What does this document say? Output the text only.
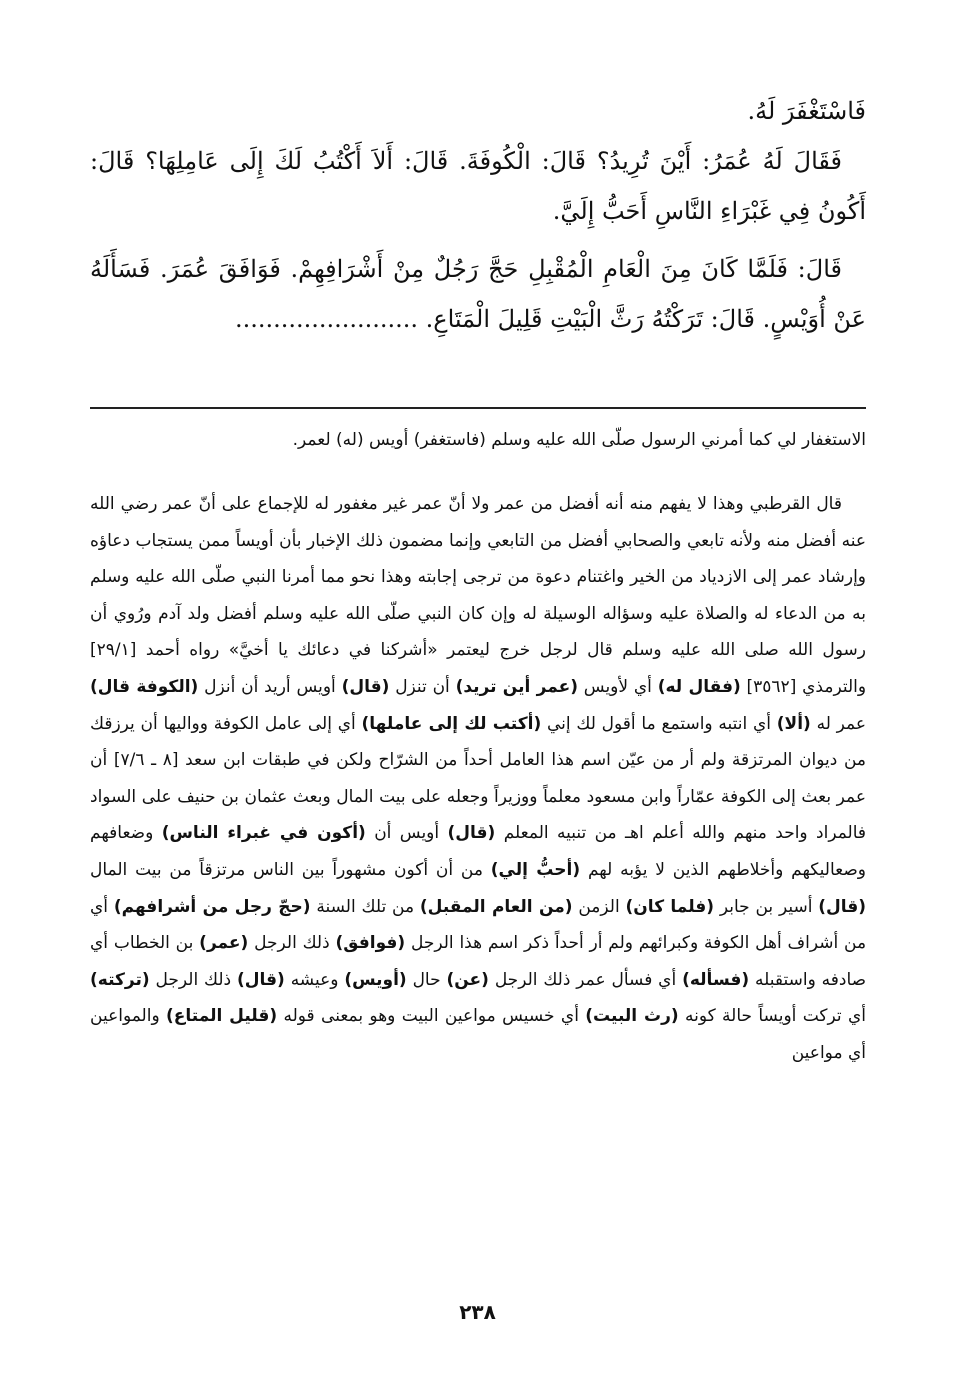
فَاسْتَغْفَرَ لَهُ.

فَقَالَ لَهُ عُمَرُ: أَيْنَ تُرِيدُ؟ قَالَ: الْكُوفَةَ. قَالَ: أَلاَ أَكْتُبُ لَكَ إِلَى عَامِلِهَا؟ قَالَ: أَكُونُ فِي غَبْرَاءِ النَّاسِ أَحَبُّ إِلَيَّ.

قَالَ: فَلَمَّا كَانَ مِنَ الْعَامِ الْمُقْبِلِ حَجَّ رَجُلٌ مِنْ أَشْرَافِهِمْ. فَوَافَقَ عُمَرَ. فَسَأَلَهُ عَنْ أُوَيْسٍ. قَالَ: تَرَكْتُهُ رَثَّ الْبَيْتِ قَلِيلَ الْمَتَاعِ. ........................

الاستغفار لي كما أمرني الرسول صلّى الله عليه وسلم (فاستغفر) أويس (له) لعمر.

قال القرطبي وهذا لا يفهم منه أنه أفضل من عمر ولا أنّ عمر غير مغفور له للإجماع على أنّ عمر رضي الله عنه أفضل منه ولأنه تابعي والصحابي أفضل من التابعي وإنما مضمون ذلك الإخبار بأن أويساً ممن يستجاب دعاؤه وإرشاد عمر إلى الازدياد من الخير واغتنام دعوة من ترجى إجابته وهذا نحو مما أمرنا النبي صلّى الله عليه وسلم به من الدعاء له والصلاة عليه وسؤاله الوسيلة له وإن كان النبي صلّى الله عليه وسلم أفضل ولد آدم ورُوي أن رسول الله صلى الله عليه وسلم قال لرجل خرج ليعتمر «أشركنا في دعائك يا أخيَّ» رواه أحمد [٢٩/١] والترمذي [٣٥٦٢] (فقال له) أي لأويس (عمر أين تريد) أن تنزل (قال) أويس أريد أن أنزل (الكوفة قال) عمر له (ألا) أي انتبه واستمع ما أقول لك إني (أكتب لك إلى عاملها) أي إلى عامل الكوفة وواليها أن يرزقك من ديوان المرتزقة ولم أر من عيّن اسم هذا العامل أحداً من الشرّاح ولكن في طبقات ابن سعد [٨ ـ ٧/٦] أن عمر بعث إلى الكوفة عمّاراً وابن مسعود معلماً ووزيراً وجعله على بيت المال وبعث عثمان بن حنيف على السواد فالمراد واحد منهم والله أعلم اهـ من تنبيه المعلم (قال) أويس أن (أكون في غبراء الناس) وضعافهم وصعاليكهم وأخلاطهم الذين لا يؤبه لهم (أحبُّ إلي) من أن أكون مشهوراً بين الناس مرتزقاً من بيت المال (قال) أسير بن جابر (فلما كان) الزمن (من العام المقبل) من تلك السنة (حجّ رجل من أشرافهم) أي من أشراف أهل الكوفة وكبرائهم ولم أر أحداً ذكر اسم هذا الرجل (فوافق) ذلك الرجل (عمر) بن الخطاب أي صادفه واستقبله (فسأله) أي فسأل عمر ذلك الرجل (عن) حال (أويس) وعيشه (قال) ذلك الرجل (تركته) أي تركت أويساً حالة كونه (رث البيت) أي خسيس مواعين البيت وهو بمعنى قوله (قليل المتاع) والمواعين أي مواعين

٢٣٨
